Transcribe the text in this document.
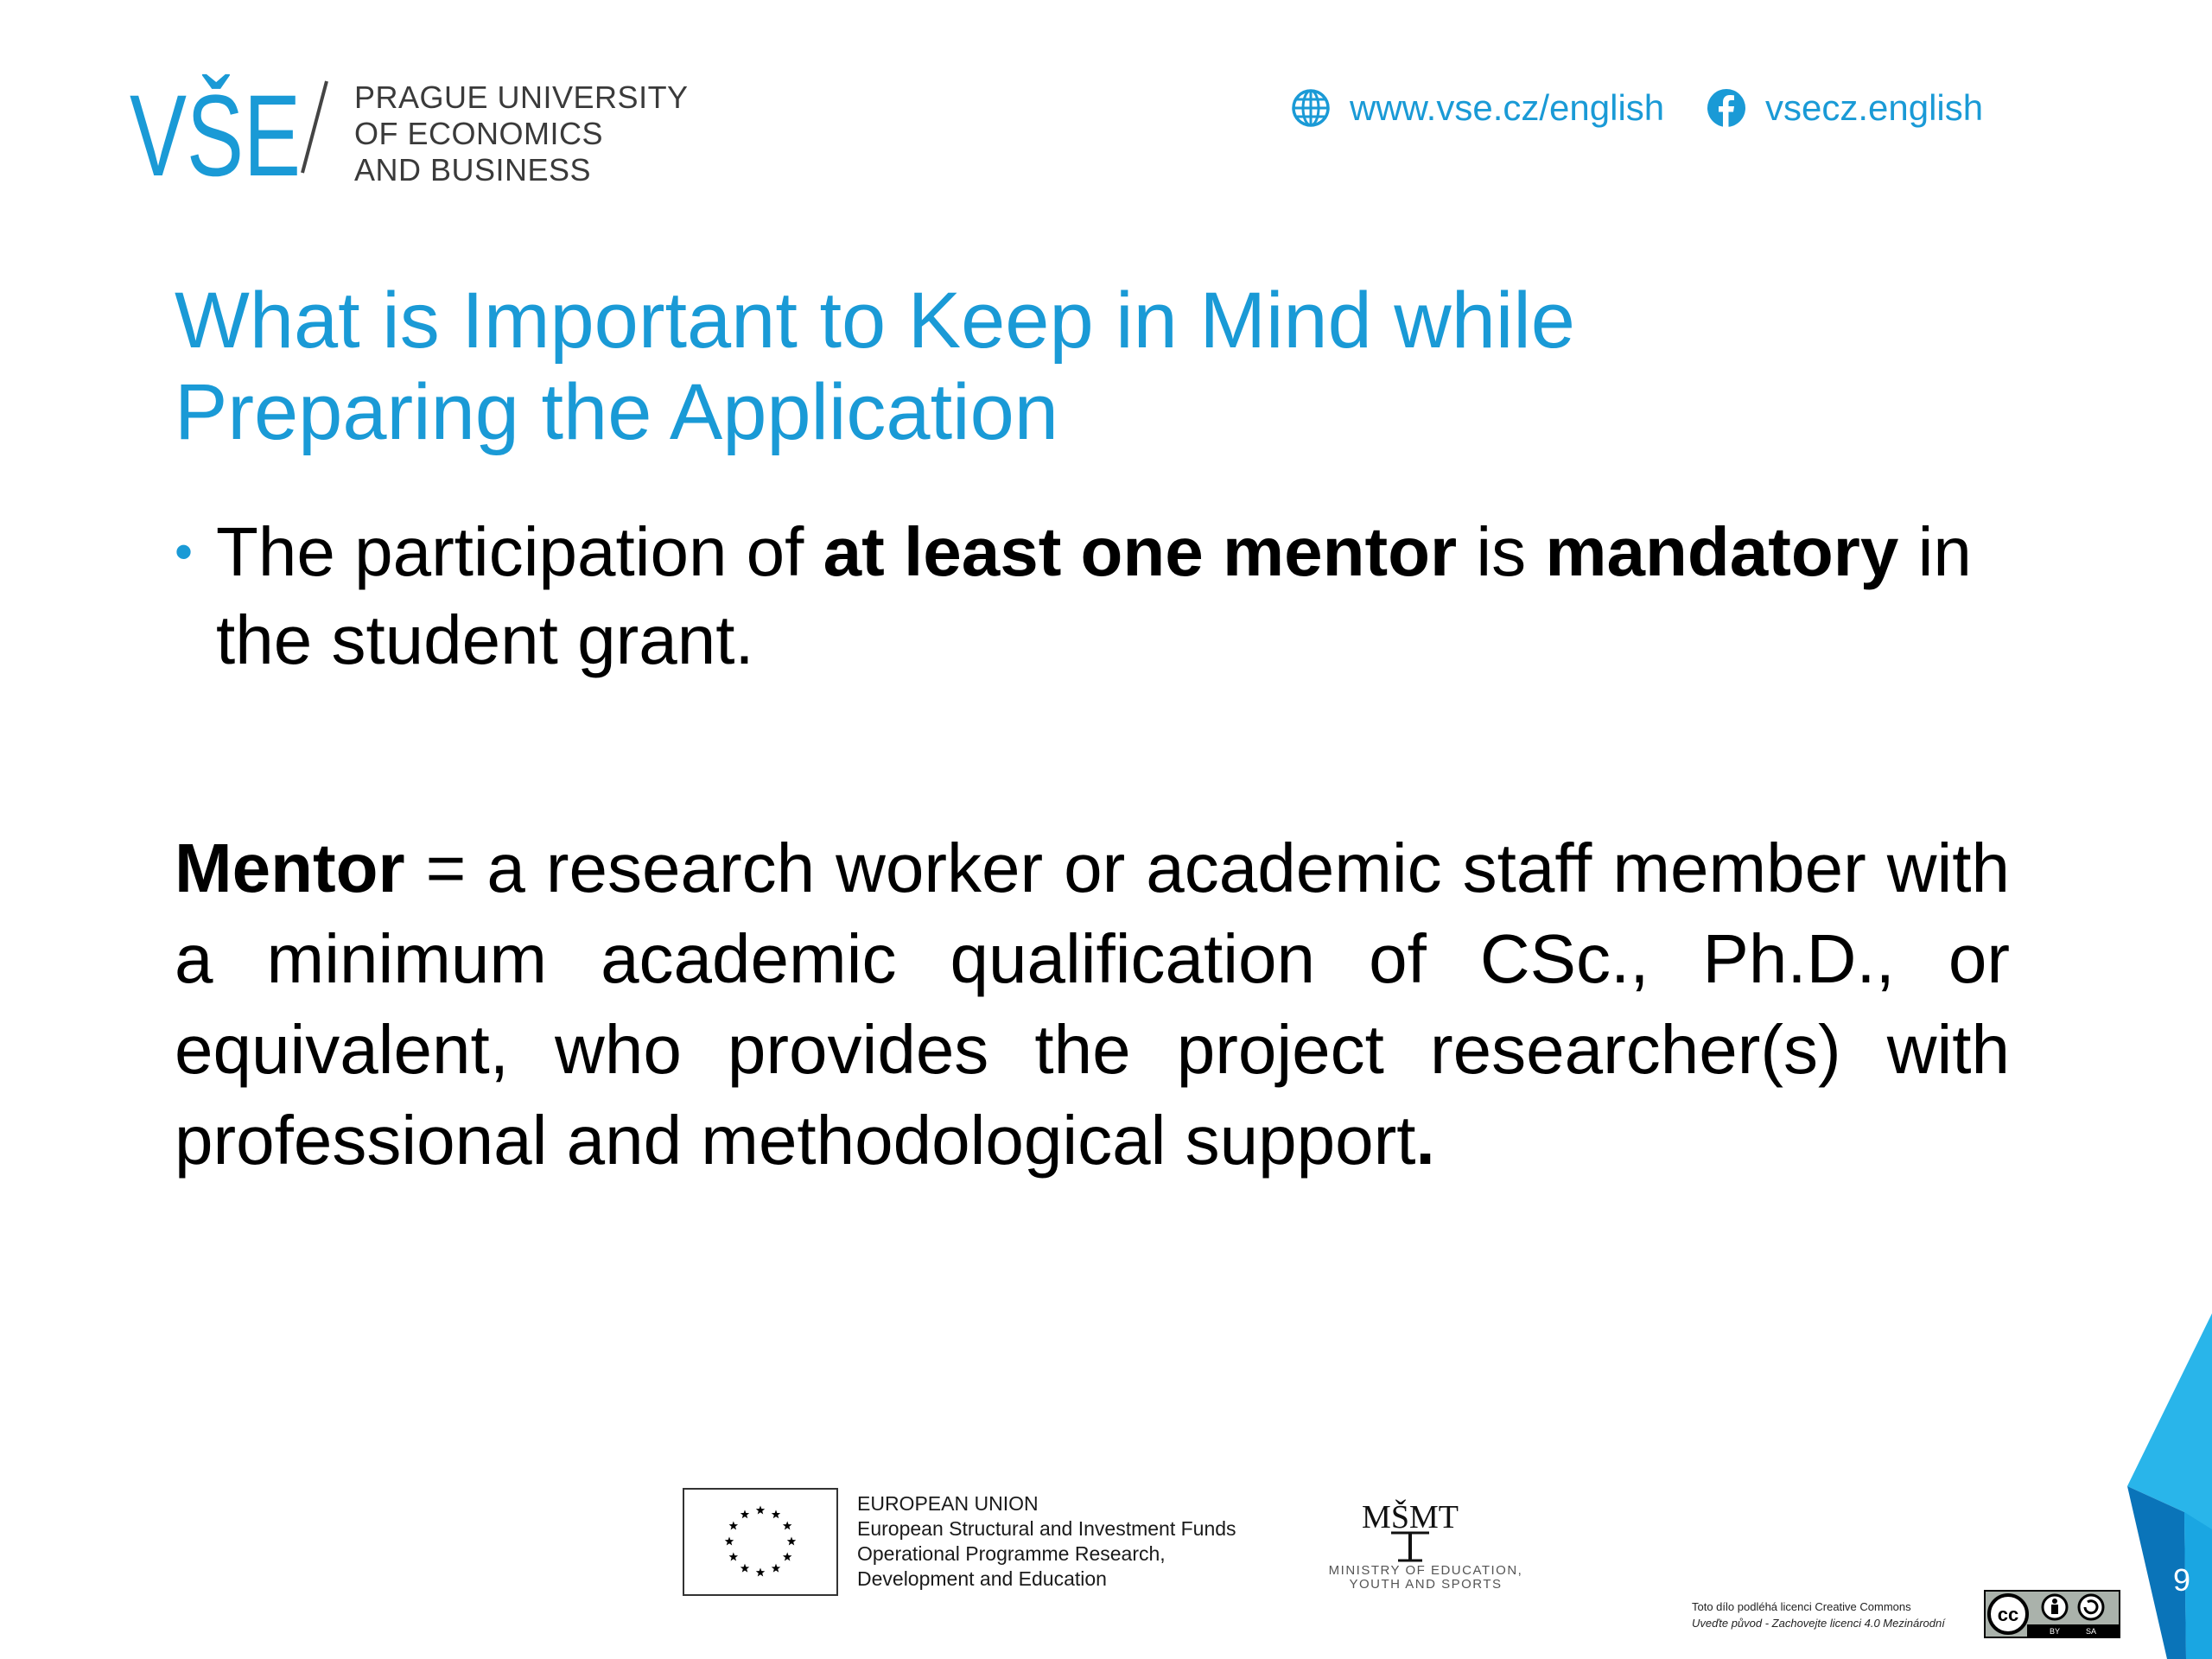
VŠE PRAGUE UNIVERSITY
OF ECONOMICS
AND BUSINESS
www.vse.cz/english	vsecz.english
What is Important to Keep in Mind while
Preparing the Application
• The participation of at least one mentor is mandatory in the student grant.
Mentor = a research worker or academic staff member with a minimum academic qualification of CSc., Ph.D., or equivalent, who provides the project researcher(s) with professional and methodological support.
EUROPEAN UNION
European Structural and Investment Funds
Operational Programme Research,
Development and Education
MŠMT
MINISTRY OF EDUCATION,
YOUTH AND SPORTS
Toto dílo podléhá licenci Creative Commons
Uveďte původ - Zachovejte licenci 4.0 Mezinárodní	cc
BY	SA
9
